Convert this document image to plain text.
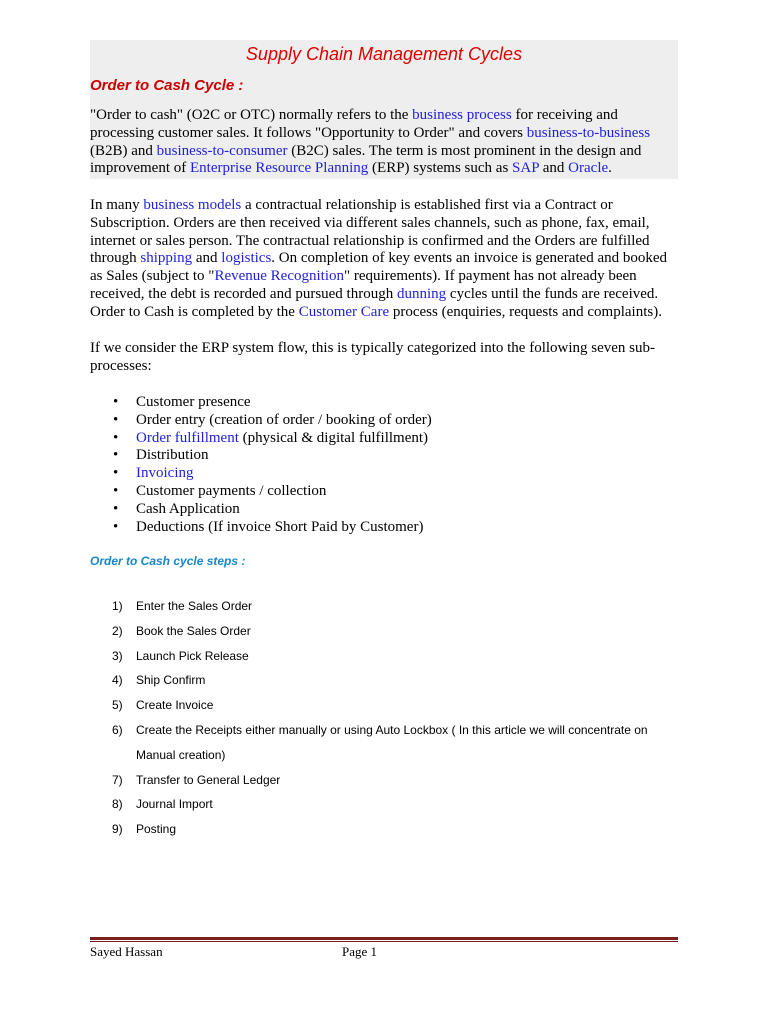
Supply Chain Management Cycles
Order to Cash Cycle :

"Order to cash" (O2C or OTC) normally refers to the business process for receiving and processing customer sales. It follows "Opportunity to Order" and covers business-to-business (B2B) and business-to-consumer (B2C) sales. The term is most prominent in the design and improvement of Enterprise Resource Planning (ERP) systems such as SAP and Oracle.

In many business models a contractual relationship is established first via a Contract or Subscription. Orders are then received via different sales channels, such as phone, fax, email, internet or sales person. The contractual relationship is confirmed and the Orders are fulfilled through shipping and logistics. On completion of key events an invoice is generated and booked as Sales (subject to "Revenue Recognition" requirements). If payment has not already been received, the debt is recorded and pursued through dunning cycles until the funds are received. Order to Cash is completed by the Customer Care process (enquiries, requests and complaints).

If we consider the ERP system flow, this is typically categorized into the following seven sub-processes:

• Customer presence
• Order entry (creation of order / booking of order)
• Order fulfillment (physical & digital fulfillment)
• Distribution
• Invoicing
• Customer payments / collection
• Cash Application
• Deductions (If invoice Short Paid by Customer)
Order to Cash cycle steps :
1) Enter the Sales Order
2) Book the Sales Order
3) Launch Pick Release
4) Ship Confirm
5) Create Invoice
6) Create the Receipts either manually or using Auto Lockbox ( In this article we will concentrate on Manual creation)
7) Transfer to General Ledger
8) Journal Import
9) Posting
Sayed Hassan	Page 1
